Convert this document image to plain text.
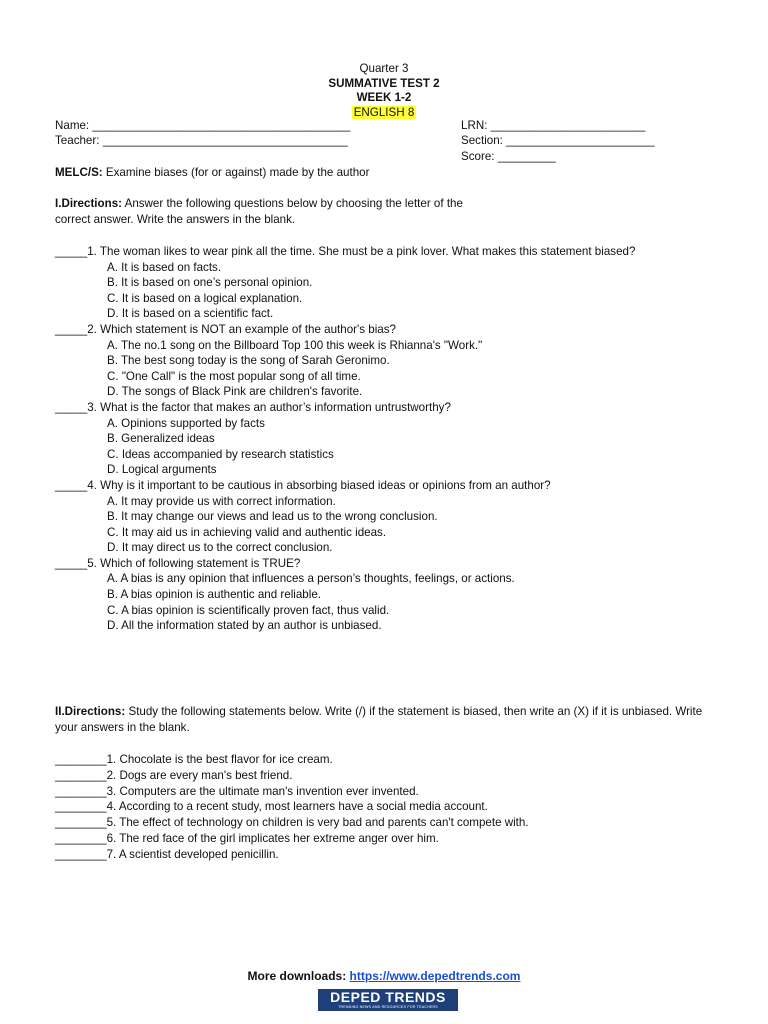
Quarter 3
SUMMATIVE TEST 2
WEEK 1-2
ENGLISH 8
Name: ________________________________________
Teacher: ______________________________________
LRN: ________________________
Section: _______________________
Score: _________
MELC/S: Examine biases (for or against) made by the author
I.Directions: Answer the following questions below by choosing the letter of the
correct answer. Write the answers in the blank.
_____1. The woman likes to wear pink all the time. She must be a pink lover. What makes this statement biased?
A. It is based on facts.
B. It is based on one’s personal opinion.
C. It is based on a logical explanation.
D. It is based on a scientific fact.
_____2. Which statement is NOT an example of the author's bias?
A. The no.1 song on the Billboard Top 100 this week is Rhianna's "Work."
B. The best song today is the song of Sarah Geronimo.
C. "One Call" is the most popular song of all time.
D. The songs of Black Pink are children's favorite.
_____3. What is the factor that makes an author’s information untrustworthy?
A. Opinions supported by facts
B. Generalized ideas
C. Ideas accompanied by research statistics
D. Logical arguments
_____4. Why is it important to be cautious in absorbing biased ideas or opinions from an author?
A. It may provide us with correct information.
B. It may change our views and lead us to the wrong conclusion.
C. It may aid us in achieving valid and authentic ideas.
D. It may direct us to the correct conclusion.
_____5. Which of following statement is TRUE?
A. A bias is any opinion that influences a person’s thoughts, feelings, or actions.
B. A bias opinion is authentic and reliable.
C. A bias opinion is scientifically proven fact, thus valid.
D. All the information stated by an author is unbiased.
II.Directions: Study the following statements below. Write (/) if the statement is biased, then write an (X) if it is unbiased. Write your answers in the blank.
________1. Chocolate is the best flavor for ice cream.
________2. Dogs are every man's best friend.
________3. Computers are the ultimate man's invention ever invented.
________4. According to a recent study, most learners have a social media account.
________5. The effect of technology on children is very bad and parents can't compete with.
________6. The red face of the girl implicates her extreme anger over him.
________7. A scientist developed penicillin.
More downloads: https://www.depedtrends.com
DEPED TRENDS
TRENDING NEWS AND RESOURCES FOR TEACHERS
